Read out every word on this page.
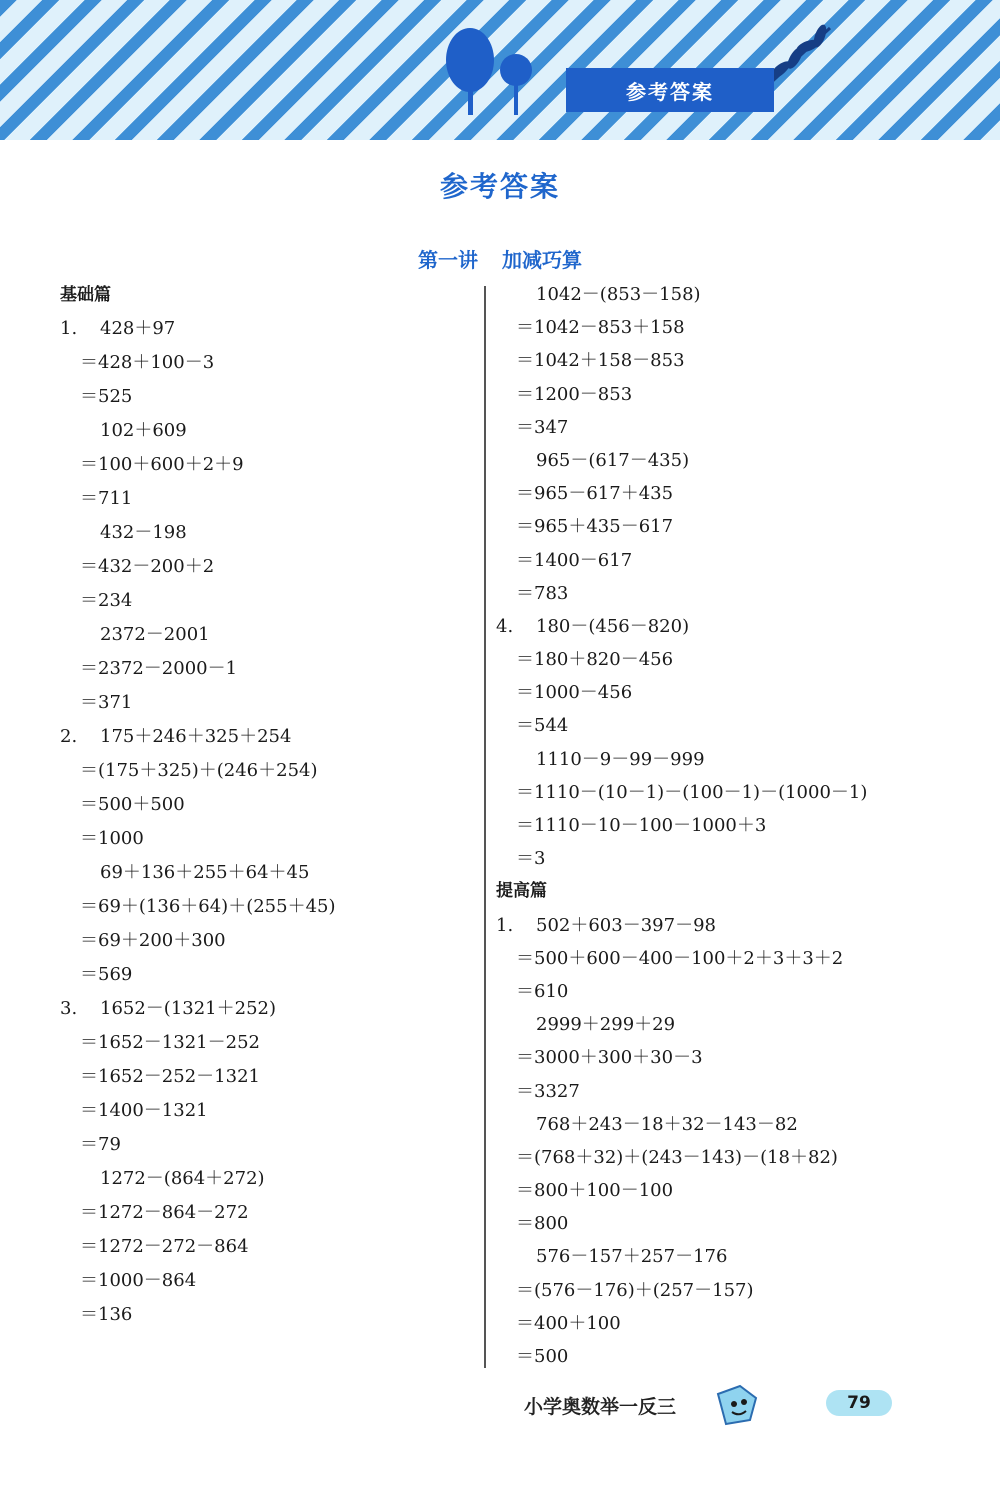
参考答案
参考答案
第一讲 加减巧算
基础篇
1. 428＋97
＝428＋100－3
＝525
102＋609
＝100＋600＋2＋9
＝711
432－198
＝432－200＋2
＝234
2372－2001
＝2372－2000－1
＝371
2. 175＋246＋325＋254
＝(175＋325)＋(246＋254)
＝500＋500
＝1000
69＋136＋255＋64＋45
＝69＋(136＋64)＋(255＋45)
＝69＋200＋300
＝569
3. 1652－(1321＋252)
＝1652－1321－252
＝1652－252－1321
＝1400－1321
＝79
1272－(864＋272)
＝1272－864－272
＝1272－272－864
＝1000－864
＝136
1042－(853－158)
＝1042－853＋158
＝1042＋158－853
＝1200－853
＝347
965－(617－435)
＝965－617＋435
＝965＋435－617
＝1400－617
＝783
4. 180－(456－820)
＝180＋820－456
＝1000－456
＝544
1110－9－99－999
＝1110－(10－1)－(100－1)－(1000－1)
＝1110－10－100－1000＋3
＝3
提高篇
1. 502＋603－397－98
＝500＋600－400－100＋2＋3＋3＋2
＝610
2999＋299＋29
＝3000＋300＋30－3
＝3327
768＋243－18＋32－143－82
＝(768＋32)＋(243－143)－(18＋82)
＝800＋100－100
＝800
576－157＋257－176
＝(576－176)＋(257－157)
＝400＋100
＝500
小学奥数举一反三	79
